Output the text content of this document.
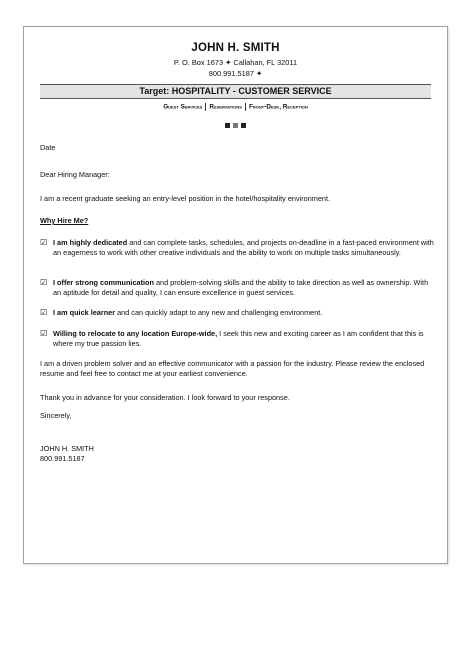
JOHN H. SMITH
P. O. Box 1673 ✦ Callahan, FL 32011
800.991.5187 ✦
Target: HOSPITALITY - CUSTOMER SERVICE
Guest Services Reservations Front-Desk, Reception
Date
Dear Hiring Manager:
I am a recent graduate seeking an entry-level position in the hotel/hospitality environment.
Why Hire Me?
☑ I am highly dedicated and can complete tasks, schedules, and projects on-deadline in a fast-paced environment with an eagerness to work with other creative individuals and the ability to work on multiple tasks simultaneously.
☑ I offer strong communication and problem-solving skills and the ability to take direction as well as ownership. With an aptitude for detail and quality, I can ensure excellence in guest services.
☑ I am quick learner and can quickly adapt to any new and challenging environment.
☑ Willing to relocate to any location Europe-wide, I seek this new and exciting career as I am confident that this is where my true passion lies.
I am a driven problem solver and an effective communicator with a passion for the industry. Please review the enclosed resume and feel free to contact me at your earliest convenience.
Thank you in advance for your consideration. I look forward to your response.
Sincerely,
JOHN H. SMITH
800.991.5187
